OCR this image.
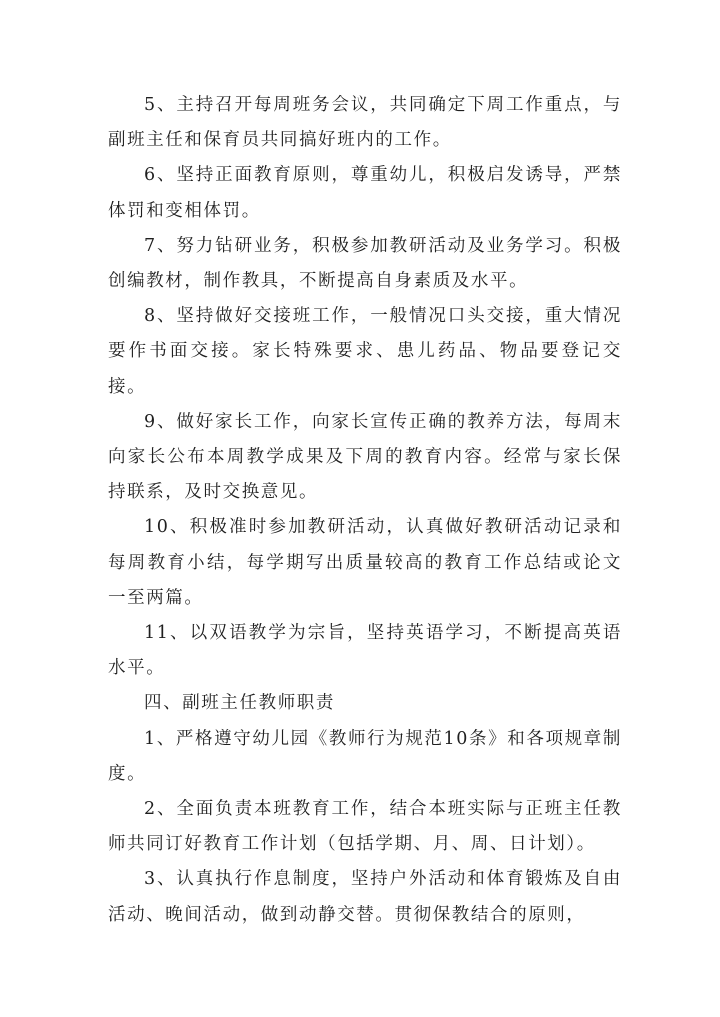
5、主持召开每周班务会议，共同确定下周工作重点，与副班主任和保育员共同搞好班内的工作。

6、坚持正面教育原则，尊重幼儿，积极启发诱导，严禁体罚和变相体罚。

7、努力钻研业务，积极参加教研活动及业务学习。积极创编教材，制作教具，不断提高自身素质及水平。

8、坚持做好交接班工作，一般情况口头交接，重大情况要作书面交接。家长特殊要求、患儿药品、物品要登记交接。

9、做好家长工作，向家长宣传正确的教养方法，每周末向家长公布本周教学成果及下周的教育内容。经常与家长保持联系，及时交换意见。

10、积极准时参加教研活动，认真做好教研活动记录和每周教育小结，每学期写出质量较高的教育工作总结或论文一至两篇。

11、以双语教学为宗旨，坚持英语学习，不断提高英语水平。

四、副班主任教师职责

1、严格遵守幼儿园《教师行为规范10条》和各项规章制度。

2、全面负责本班教育工作，结合本班实际与正班主任教师共同订好教育工作计划（包括学期、月、周、日计划）。

3、认真执行作息制度，坚持户外活动和体育锻炼及自由活动、晚间活动，做到动静交替。贯彻保教结合的原则，
